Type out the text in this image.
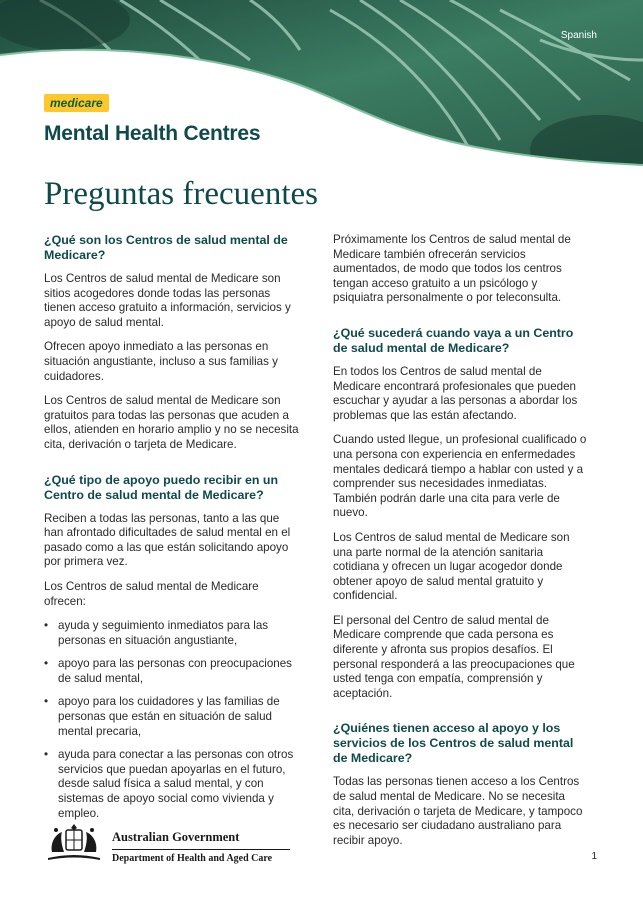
Spanish
medicare
Mental Health Centres
Preguntas frecuentes
¿Qué son los Centros de salud mental de Medicare?

Los Centros de salud mental de Medicare son sitios acogedores donde todas las personas tienen acceso gratuito a información, servicios y apoyo de salud mental.

Ofrecen apoyo inmediato a las personas en situación angustiante, incluso a sus familias y cuidadores.

Los Centros de salud mental de Medicare son gratuitos para todas las personas que acuden a ellos, atienden en horario amplio y no se necesita cita, derivación o tarjeta de Medicare.

¿Qué tipo de apoyo puedo recibir en un Centro de salud mental de Medicare?

Reciben a todas las personas, tanto a las que han afrontado dificultades de salud mental en el pasado como a las que están solicitando apoyo por primera vez.

Los Centros de salud mental de Medicare ofrecen:

• ayuda y seguimiento inmediatos para las personas en situación angustiante,
• apoyo para las personas con preocupaciones de salud mental,
• apoyo para los cuidadores y las familias de personas que están en situación de salud mental precaria,
• ayuda para conectar a las personas con otros servicios que puedan apoyarlas en el futuro, desde salud física a salud mental, y con sistemas de apoyo social como vivienda y empleo.

Próximamente los Centros de salud mental de Medicare también ofrecerán servicios aumentados, de modo que todos los centros tengan acceso gratuito a un psicólogo y psiquiatra personalmente o por teleconsulta.

¿Qué sucederá cuando vaya a un Centro de salud mental de Medicare?

En todos los Centros de salud mental de Medicare encontrará profesionales que pueden escuchar y ayudar a las personas a abordar los problemas que las están afectando.

Cuando usted llegue, un profesional cualificado o una persona con experiencia en enfermedades mentales dedicará tiempo a hablar con usted y a comprender sus necesidades inmediatas. También podrán darle una cita para verle de nuevo.

Los Centros de salud mental de Medicare son una parte normal de la atención sanitaria cotidiana y ofrecen un lugar acogedor donde obtener apoyo de salud mental gratuito y confidencial.

El personal del Centro de salud mental de Medicare comprende que cada persona es diferente y afronta sus propios desafíos. El personal responderá a las preocupaciones que usted tenga con empatía, comprensión y aceptación.

¿Quiénes tienen acceso al apoyo y los servicios de los Centros de salud mental de Medicare?

Todas las personas tienen acceso a los Centros de salud mental de Medicare. No se necesita cita, derivación o tarjeta de Medicare, y tampoco es necesario ser ciudadano australiano para recibir apoyo.

Australian Government
Department of Health and Aged Care	1
